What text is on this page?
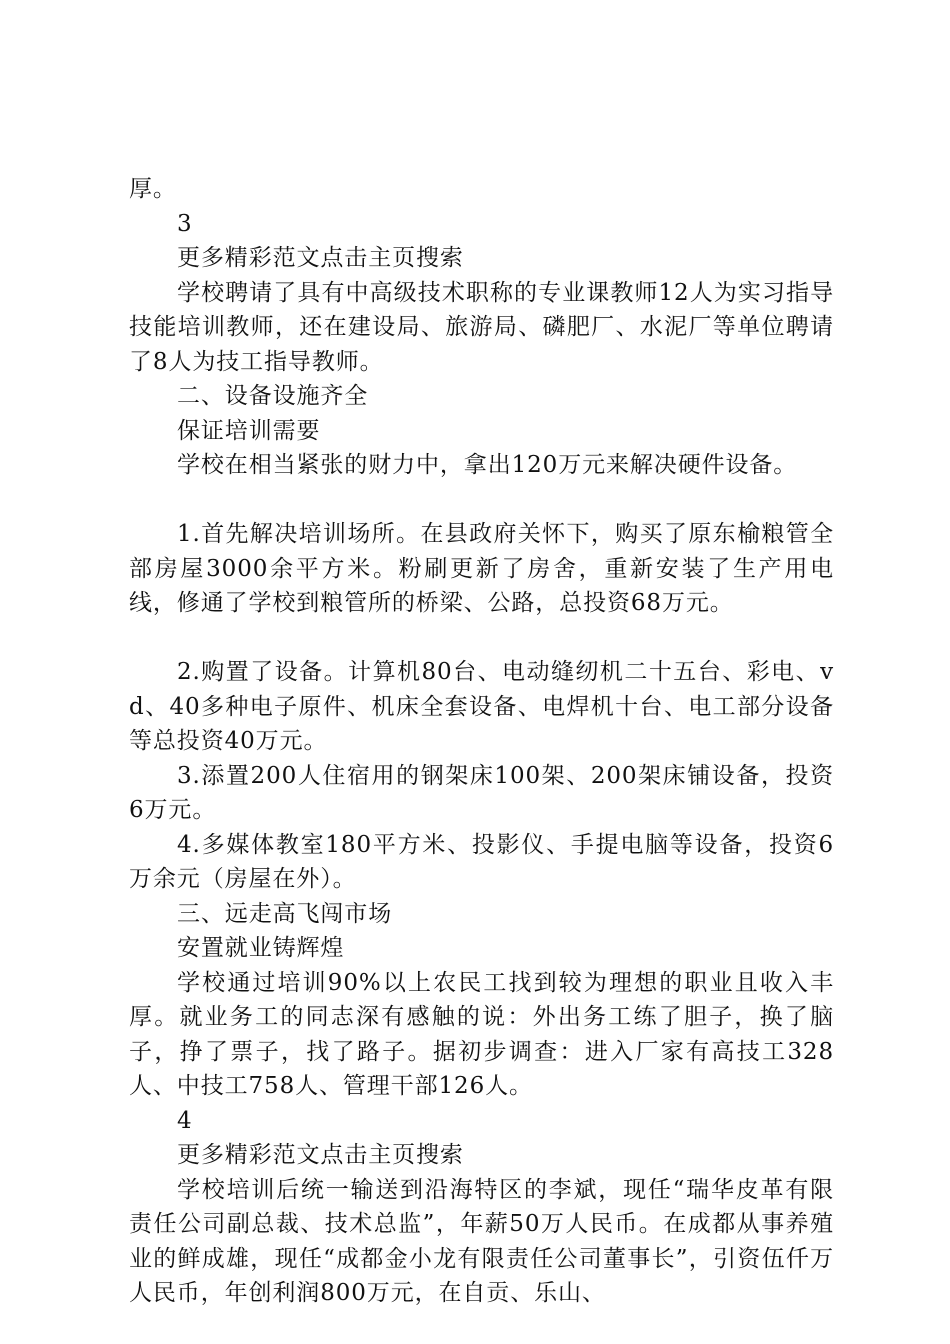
厚。

3

更多精彩范文点击主页搜索

学校聘请了具有中高级技术职称的专业课教师12人为实习指导技能培训教师，还在建设局、旅游局、磷肥厂、水泥厂等单位聘请了8人为技工指导教师。

二、设备设施齐全

保证培训需要

学校在相当紧张的财力中，拿出120万元来解决硬件设备。

1.首先解决培训场所。在县政府关怀下，购买了原东榆粮管全部房屋3000余平方米。粉刷更新了房舍，重新安装了生产用电线，修通了学校到粮管所的桥梁、公路，总投资68万元。

2.购置了设备。计算机80台、电动缝纫机二十五台、彩电、vd、40多种电子原件、机床全套设备、电焊机十台、电工部分设备等总投资40万元。

3.添置200人住宿用的钢架床100架、200架床铺设备，投资6万元。

4.多媒体教室180平方米、投影仪、手提电脑等设备，投资6万余元（房屋在外）。

三、远走高飞闯市场

安置就业铸辉煌

学校通过培训90%以上农民工找到较为理想的职业且收入丰厚。就业务工的同志深有感触的说：外出务工练了胆子，换了脑子，挣了票子，找了路子。据初步调查：进入厂家有高技工328人、中技工758人、管理干部126人。

4

更多精彩范文点击主页搜索

学校培训后统一输送到沿海特区的李斌，现任“瑞华皮革有限责任公司副总裁、技术总监”，年薪50万人民币。在成都从事养殖业的鲜成雄，现任“成都金小龙有限责任公司董事长”，引资伍仟万人民币，年创利润800万元，在自贡、乐山、
